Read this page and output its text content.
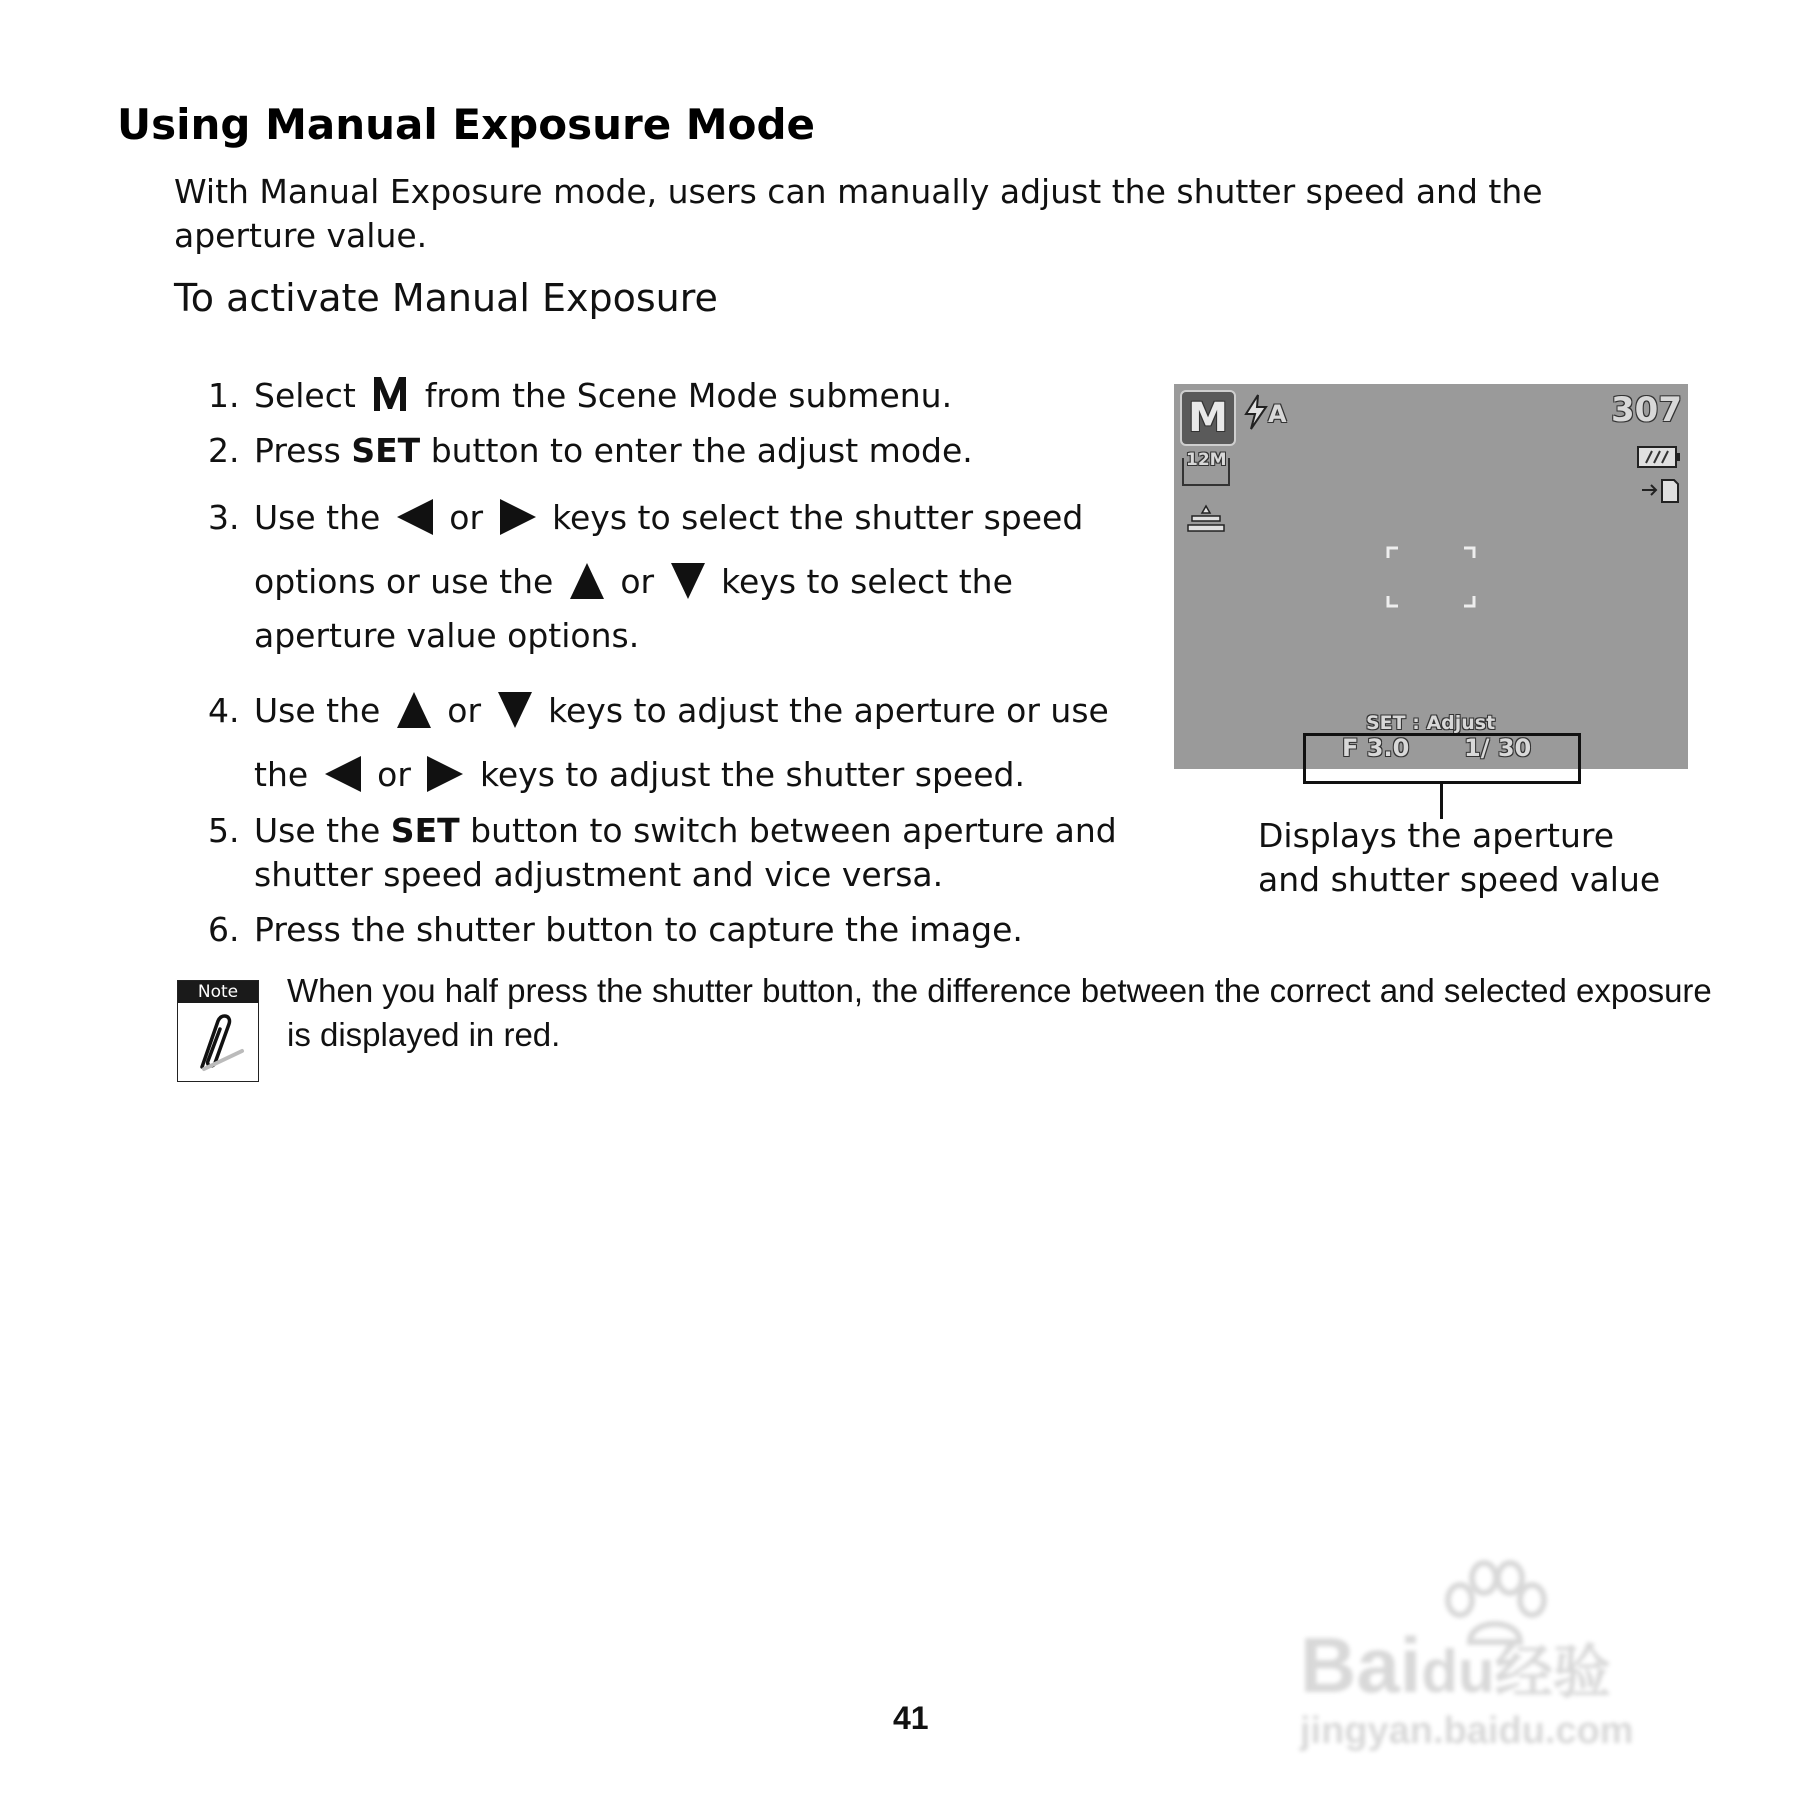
Using Manual Exposure Mode
With Manual Exposure mode, users can manually adjust the shutter speed and the aperture value.
To activate Manual Exposure
1. Select from the Scene Mode submenu.
2. Press SET button to enter the adjust mode.
3. Use the or keys to select the shutter speed
options or use the or keys to select the
aperture value options.
4. Use the or keys to adjust the aperture or use
the or keys to adjust the shutter speed.
5. Use the SET button to switch between aperture and
shutter speed adjustment and vice versa.
6. Press the shutter button to capture the image.
M A	307
12M
SET : Adjust
F 3.0 1/ 30
Displays the aperture
and shutter speed value
Note	When you half press the shutter button, the difference between the correct and selected exposure is displayed in red.
41
Baidu经验
jingyan.baidu.com
